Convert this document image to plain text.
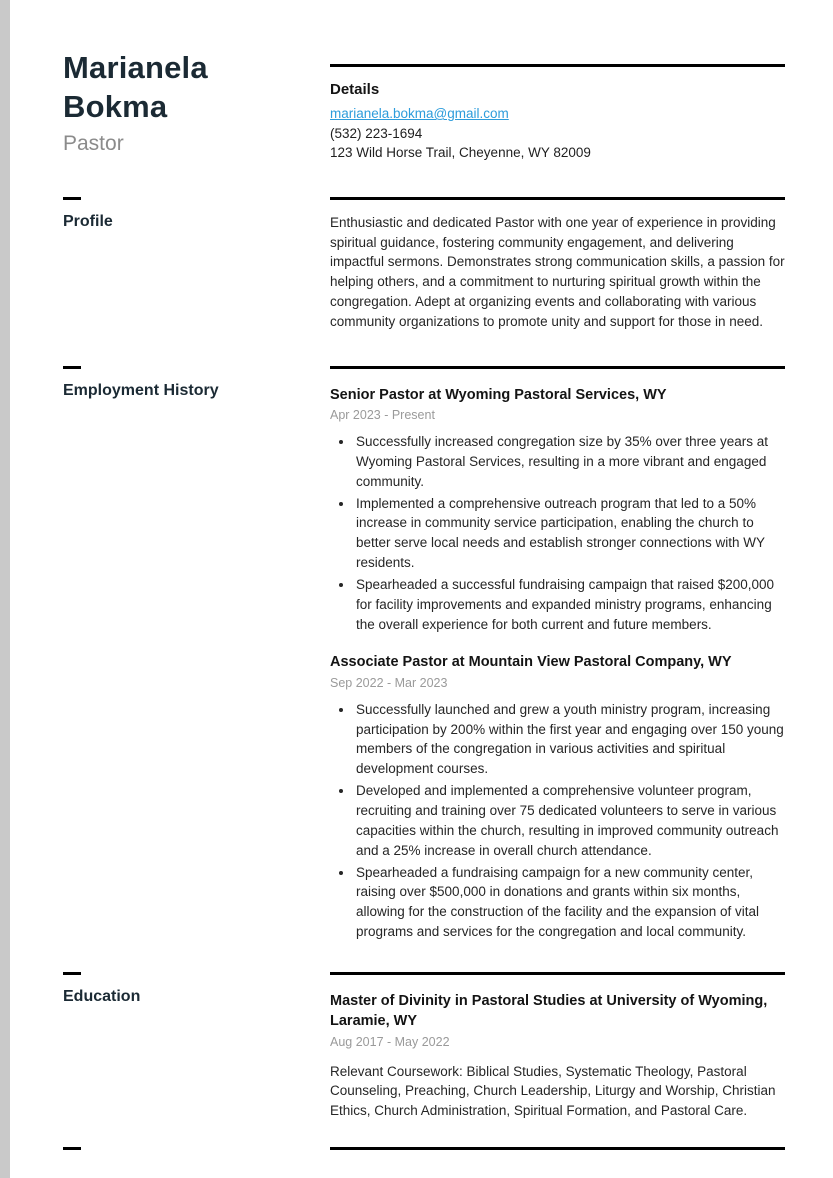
Marianela
Bokma
Pastor
Details
marianela.bokma@gmail.com
(532) 223-1694
123 Wild Horse Trail, Cheyenne, WY 82009
Profile	Enthusiastic and dedicated Pastor with one year of experience in providing spiritual guidance, fostering community engagement, and delivering impactful sermons. Demonstrates strong communication skills, a passion for helping others, and a commitment to nurturing spiritual growth within the congregation. Adept at organizing events and collaborating with various community organizations to promote unity and support for those in need.

Employment History	Senior Pastor at Wyoming Pastoral Services, WY
Apr 2023 - Present
• Successfully increased congregation size by 35% over three years at Wyoming Pastoral Services, resulting in a more vibrant and engaged community.
• Implemented a comprehensive outreach program that led to a 50% increase in community service participation, enabling the church to better serve local needs and establish stronger connections with WY residents.
• Spearheaded a successful fundraising campaign that raised $200,000 for facility improvements and expanded ministry programs, enhancing the overall experience for both current and future members.
Associate Pastor at Mountain View Pastoral Company, WY
Sep 2022 - Mar 2023
• Successfully launched and grew a youth ministry program, increasing participation by 200% within the first year and engaging over 150 young members of the congregation in various activities and spiritual development courses.
• Developed and implemented a comprehensive volunteer program, recruiting and training over 75 dedicated volunteers to serve in various capacities within the church, resulting in improved community outreach and a 25% increase in overall church attendance.
• Spearheaded a fundraising campaign for a new community center, raising over $500,000 in donations and grants within six months, allowing for the construction of the facility and the expansion of vital programs and services for the congregation and local community.
Education	Master of Divinity in Pastoral Studies at University of Wyoming, Laramie, WY
Aug 2017 - May 2022

Relevant Coursework: Biblical Studies, Systematic Theology, Pastoral Counseling, Preaching, Church Leadership, Liturgy and Worship, Christian Ethics, Church Administration, Spiritual Formation, and Pastoral Care.
